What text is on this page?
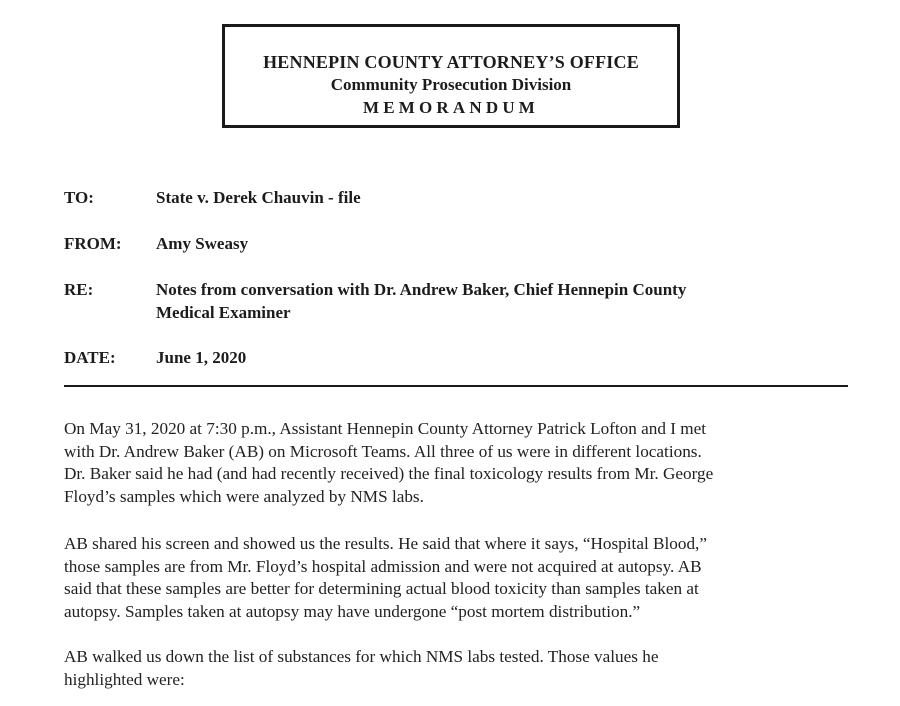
HENNEPIN COUNTY ATTORNEY’S OFFICE
Community Prosecution Division
MEMORANDUM
TO:	State v. Derek Chauvin - file
FROM: Amy Sweasy
RE:	Notes from conversation with Dr. Andrew Baker, Chief Hennepin County
Medical Examiner
DATE: June 1, 2020
On May 31, 2020 at 7:30 p.m., Assistant Hennepin County Attorney Patrick Lofton and I met
with Dr. Andrew Baker (AB) on Microsoft Teams. All three of us were in different locations.
Dr. Baker said he had (and had recently received) the final toxicology results from Mr. George
Floyd’s samples which were analyzed by NMS labs.
AB shared his screen and showed us the results. He said that where it says, “Hospital Blood,”
those samples are from Mr. Floyd’s hospital admission and were not acquired at autopsy. AB
said that these samples are better for determining actual blood toxicity than samples taken at
autopsy. Samples taken at autopsy may have undergone “post mortem distribution.”
AB walked us down the list of substances for which NMS labs tested. Those values he
highlighted were:
